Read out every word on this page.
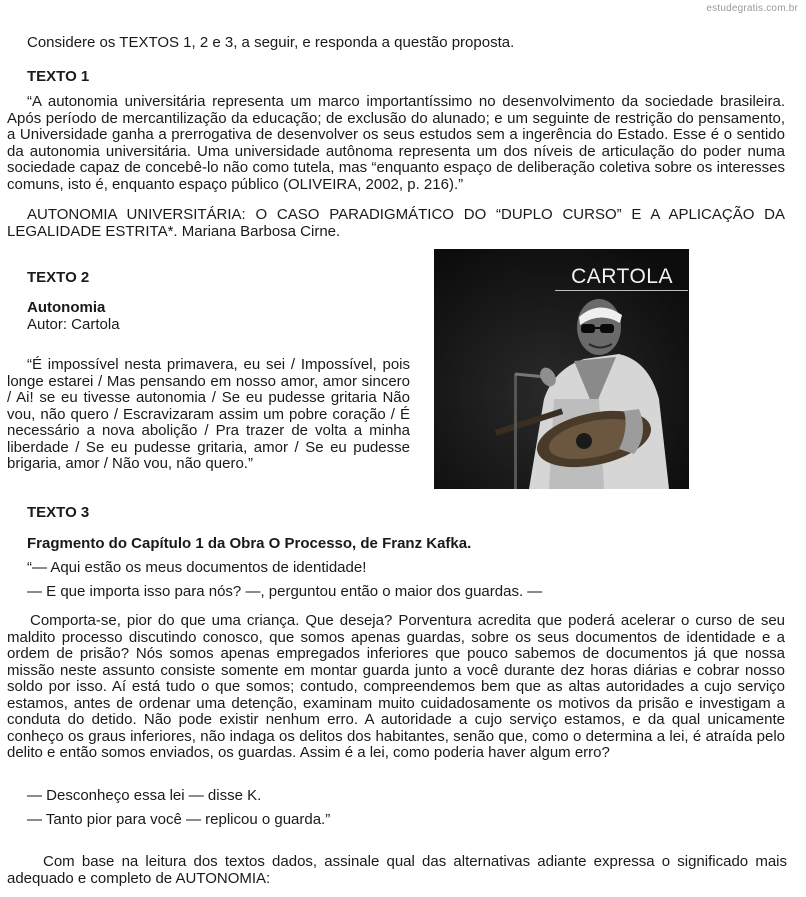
estudegratis.com.br
Considere os TEXTOS 1, 2 e 3, a seguir, e responda a questão proposta.
TEXTO 1
“A autonomia universitária representa um marco importantíssimo no desenvolvimento da sociedade brasileira. Após período de mercantilização da educação; de exclusão do alunado; e um seguinte de restrição do pensamento, a Universidade ganha a prerrogativa de desenvolver os seus estudos sem a ingerência do Estado. Esse é o sentido da autonomia universitária. Uma universidade autônoma representa um dos níveis de articulação do poder numa sociedade capaz de concebê-lo não como tutela, mas “enquanto espaço de deliberação coletiva sobre os interesses comuns, isto é, enquanto espaço público (OLIVEIRA, 2002, p. 216).”
AUTONOMIA UNIVERSITÁRIA: O CASO PARADIGMÁTICO DO “DUPLO CURSO” E A APLICAÇÃO DA LEGALIDADE ESTRITA*. Mariana Barbosa Cirne.
TEXTO 2
Autonomia
Autor: Cartola
“É impossível nesta primavera, eu sei / Impossível, pois longe estarei / Mas pensando em nosso amor, amor sincero / Ai! se eu tivesse autonomia / Se eu pudesse gritaria Não vou, não quero / Escravizaram assim um pobre coração / É necessário a nova abolição / Pra trazer de volta a minha liberdade / Se eu pudesse gritaria, amor / Se eu pudesse brigaria, amor / Não vou, não quero.”
CARTOLA
TEXTO 3
Fragmento do Capítulo 1 da Obra O Processo, de Franz Kafka.
“— Aqui estão os meus documentos de identidade!
— E que importa isso para nós? —, perguntou então o maior dos guardas. —
Comporta-se, pior do que uma criança. Que deseja? Porventura acredita que poderá acelerar o curso de seu maldito processo discutindo conosco, que somos apenas guardas, sobre os seus documentos de identidade e a ordem de prisão? Nós somos apenas empregados inferiores que pouco sabemos de documentos já que nossa missão neste assunto consiste somente em montar guarda junto a você durante dez horas diárias e cobrar nosso soldo por isso. Aí está tudo o que somos; contudo, compreendemos bem que as altas autoridades a cujo serviço estamos, antes de ordenar uma detenção, examinam muito cuidadosamente os motivos da prisão e investigam a conduta do detido. Não pode existir nenhum erro. A autoridade a cujo serviço estamos, e da qual unicamente conheço os graus inferiores, não indaga os delitos dos habitantes, senão que, como o determina a lei, é atraída pelo delito e então somos enviados, os guardas. Assim é a lei, como poderia haver algum erro?
— Desconheço essa lei — disse K.
— Tanto pior para você — replicou o guarda.”
Com base na leitura dos textos dados, assinale qual das alternativas adiante expressa o significado mais adequado e completo de AUTONOMIA:
